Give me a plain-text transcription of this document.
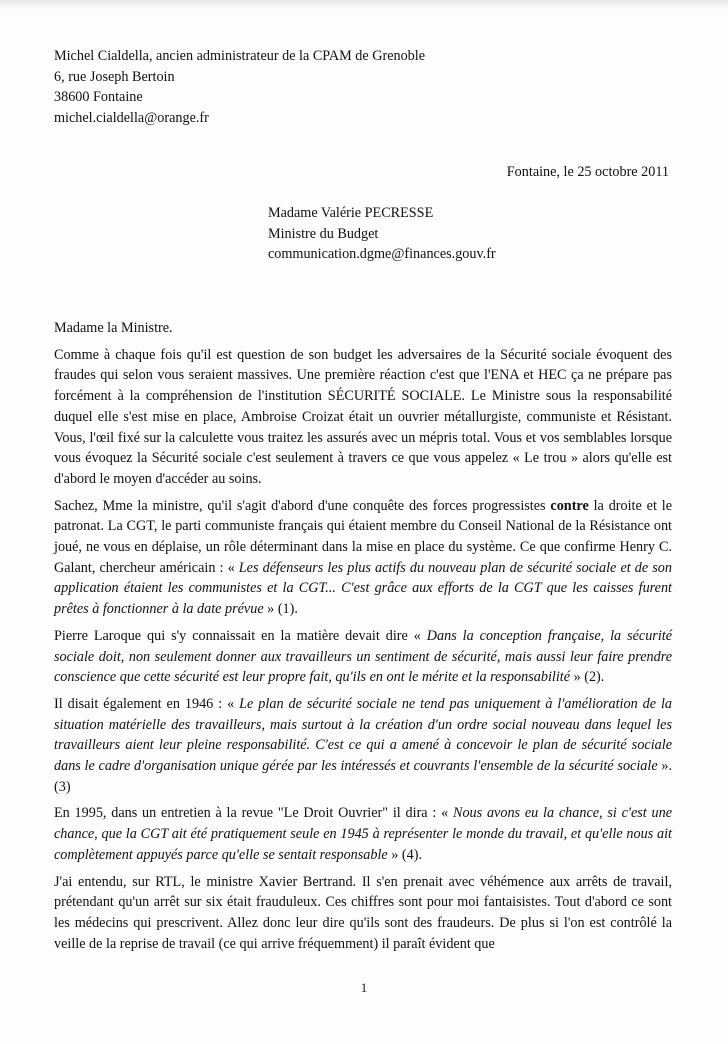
Michel Cialdella, ancien administrateur de la CPAM de Grenoble
6, rue Joseph Bertoin
38600 Fontaine
michel.cialdella@orange.fr
Fontaine, le 25 octobre 2011
Madame Valérie PECRESSE
Ministre du Budget
communication.dgme@finances.gouv.fr

Madame la Ministre.

Comme à chaque fois qu'il est question de son budget les adversaires de la Sécurité sociale évoquent des fraudes qui selon vous seraient massives. Une première réaction c'est que l'ENA et HEC ça ne prépare pas forcément à la compréhension de l'institution SÉCURITÉ SOCIALE. Le Ministre sous la responsabilité duquel elle s'est mise en place, Ambroise Croizat était un ouvrier métallurgiste, communiste et Résistant. Vous, l'œil fixé sur la calculette vous traitez les assurés avec un mépris total. Vous et vos semblables lorsque vous évoquez la Sécurité sociale c'est seulement à travers ce que vous appelez « Le trou » alors qu'elle est d'abord le moyen d'accéder au soins.

Sachez, Mme la ministre, qu'il s'agit d'abord d'une conquête des forces progressistes contre la droite et le patronat. La CGT, le parti communiste français qui étaient membre du Conseil National de la Résistance ont joué, ne vous en déplaise, un rôle déterminant dans la mise en place du système. Ce que confirme Henry C. Galant, chercheur américain : « Les défenseurs les plus actifs du nouveau plan de sécurité sociale et de son application étaient les communistes et la CGT... C'est grâce aux efforts de la CGT que les caisses furent prêtes à fonctionner à la date prévue » (1).

Pierre Laroque qui s'y connaissait en la matière devait dire « Dans la conception française, la sécurité sociale doit, non seulement donner aux travailleurs un sentiment de sécurité, mais aussi leur faire prendre conscience que cette sécurité est leur propre fait, qu'ils en ont le mérite et la responsabilité » (2).

Il disait également en 1946 : « Le plan de sécurité sociale ne tend pas uniquement à l'amélioration de la situation matérielle des travailleurs, mais surtout à la création d'un ordre social nouveau dans lequel les travailleurs aient leur pleine responsabilité. C'est ce qui a amené à concevoir le plan de sécurité sociale dans le cadre d'organisation unique gérée par les intéressés et couvrants l'ensemble de la sécurité sociale ».(3)

En 1995, dans un entretien à la revue "Le Droit Ouvrier" il dira : « Nous avons eu la chance, si c'est une chance, que la CGT ait été pratiquement seule en 1945 à représenter le monde du travail, et qu'elle nous ait complètement appuyés parce qu'elle se sentait responsable » (4).

J'ai entendu, sur RTL, le ministre Xavier Bertrand. Il s'en prenait avec véhémence aux arrêts de travail, prétendant qu'un arrêt sur six était frauduleux. Ces chiffres sont pour moi fantaisistes. Tout d'abord ce sont les médecins qui prescrivent. Allez donc leur dire qu'ils sont des fraudeurs. De plus si l'on est contrôlé la veille de la reprise de travail (ce qui arrive fréquemment) il paraît évident que

1
